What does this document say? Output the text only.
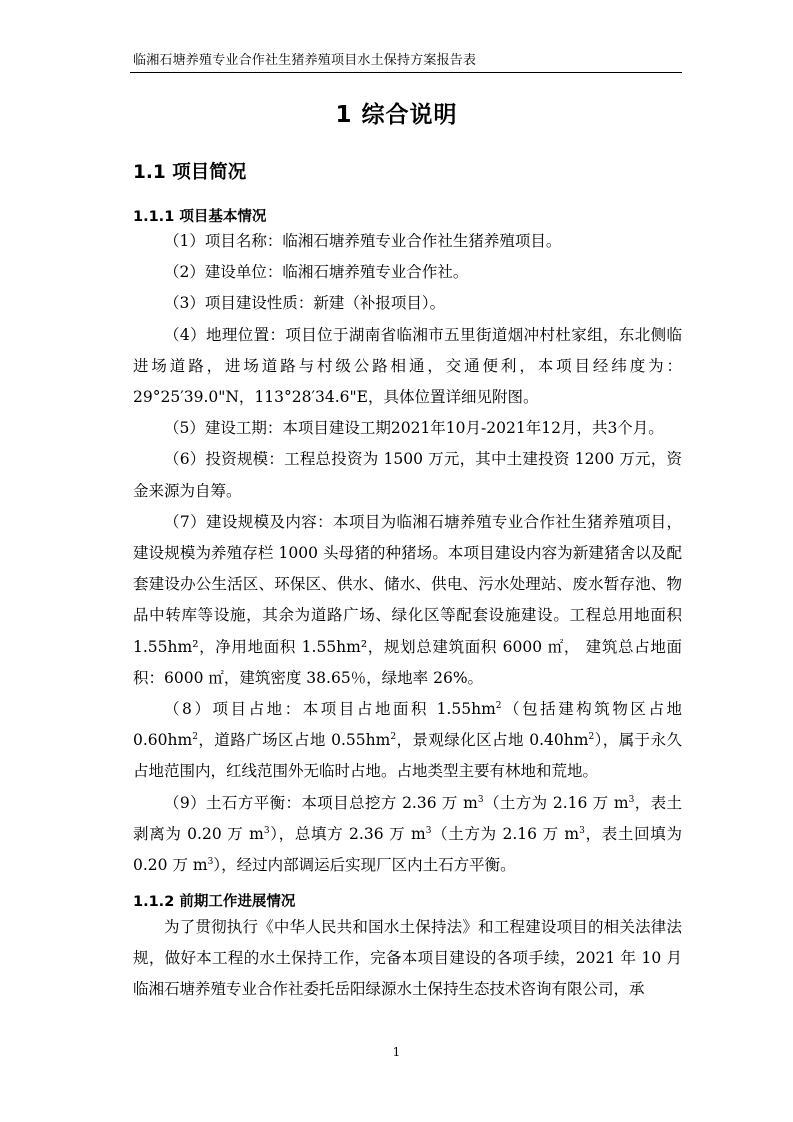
临湘石塘养殖专业合作社生猪养殖项目水土保持方案报告表
1 综合说明
1.1 项目简况
1.1.1 项目基本情况

（1）项目名称：临湘石塘养殖专业合作社生猪养殖项目。

（2）建设单位：临湘石塘养殖专业合作社。

（3）项目建设性质：新建（补报项目）。

（4）地理位置：项目位于湖南省临湘市五里街道烟冲村杜家组，东北侧临进场道路，进场道路与村级公路相通，交通便利，本项目经纬度为：29°25′39.0"N，113°28′34.6"E，具体位置详细见附图。

（5）建设工期：本项目建设工期2021年10月-2021年12月，共3个月。

（6）投资规模：工程总投资为 1500 万元，其中土建投资 1200 万元，资金来源为自筹。

（7）建设规模及内容：本项目为临湘石塘养殖专业合作社生猪养殖项目，建设规模为养殖存栏 1000 头母猪的种猪场。本项目建设内容为新建猪舍以及配套建设办公生活区、环保区、供水、储水、供电、污水处理站、废水暂存池、物品中转库等设施，其余为道路广场、绿化区等配套设施建设。工程总用地面积 1.55hm²，净用地面积 1.55hm²，规划总建筑面积 6000 ㎡， 建筑总占地面积：6000 ㎡，建筑密度 38.65％，绿地率 26%。

（8）项目占地：本项目占地面积 $1.55hm^2$（包括建构筑物区占地 $0.60hm^2$，道路广场区占地 $0.55hm^2$，景观绿化区占地 $0.40hm^2$），属于永久占地范围内，红线范围外无临时占地。占地类型主要有林地和荒地。

（9）土石方平衡：本项目总挖方 2.36 万 $m^3$（土方为 2.16 万 $m^3$，表土剥离为 0.20 万 $m^3$），总填方 2.36 万 $m^3$（土方为 2.16 万 $m^3$，表土回填为 0.20 万 $m^3$），经过内部调运后实现厂区内土石方平衡。

1.1.2 前期工作进展情况

为了贯彻执行《中华人民共和国水土保持法》和工程建设项目的相关法律法规，做好本工程的水土保持工作，完备本项目建设的各项手续，2021 年 10 月临湘石塘养殖专业合作社委托岳阳绿源水土保持生态技术咨询有限公司，承

1
